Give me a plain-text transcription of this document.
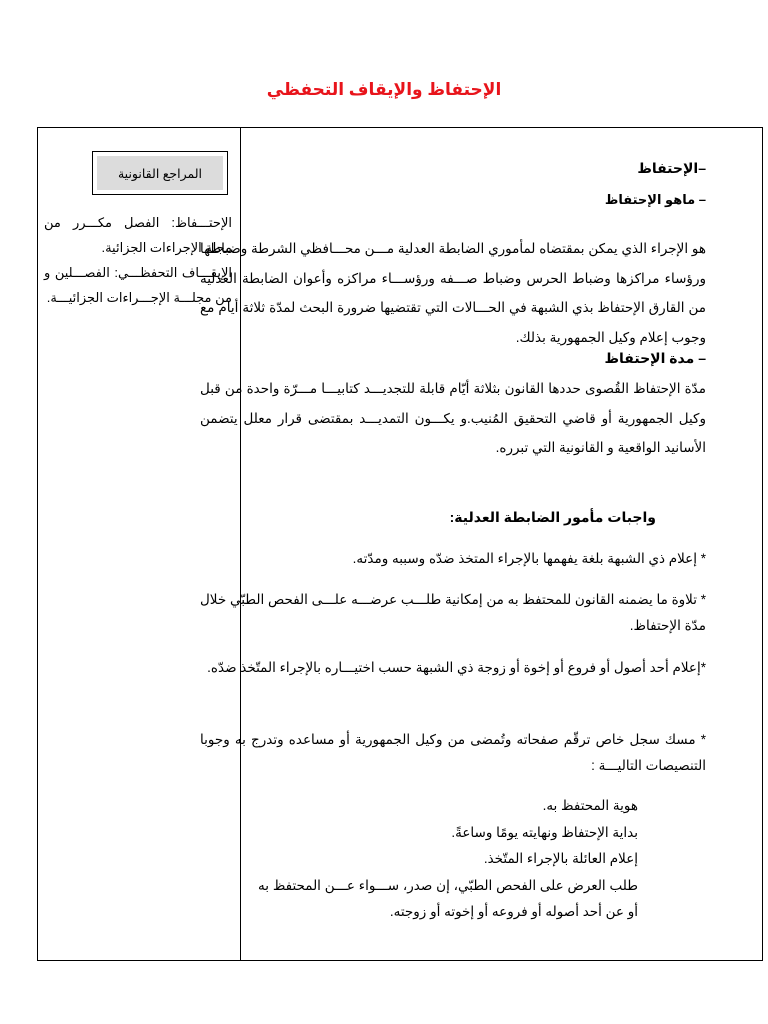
الإحتفاظ والإيقاف التحفظي
المراجع القانونية

الإحتـــفاظ: الفصل مكـــرر من مجلة الإجراءات الجزائية.

الإيقـــاف التحفظـــي: الفصـــلين و من مجلـــة الإجـــراءات الجزائيـــة.

–الإحتفاظ
– ماهو الإحتفاظ
هو الإجراء الذي يمكن بمقتضاه لمأموري الضابطة العدلية مـــن محـــافظي الشرطة وضباطها ورؤساء مراكزها وضباط الحرس وضباط صـــفه ورؤســـاء مراكزه وأعوان الضابطة العدلية من القارق الإحتفاظ بذي الشبهة في الحـــالات التي تقتضيها ضرورة البحث لمدّة ثلاثة أيام مع وجوب إعلام وكيل الجمهورية بذلك.
– مدة الإحتفاظ
مدّة الإحتفاظ القُصوى حددها القانون بثلاثة أيّام قابلة للتجديـــد كتابيـــا مـــرّة واحدة من قبل وكيل الجمهورية أو قاضي التحقيق المُنيب.و يكـــون التمديـــد بمقتضى قرار معلل يتضمن الأسانيد الواقعية و القانونية التي تبرره.
واجبات مأمور الضابطة العدلية:
* إعلام ذي الشبهة بلغة يفهمها بالإجراء المتخذ ضدّه وسببه ومدّته.
* تلاوة ما يضمنه القانون للمحتفظ به من إمكانية طلـــب عرضـــه علـــى الفحص الطبّي خلال مدّة الإحتفاظ.
*إعلام أحد أصول أو فروع أو إخوة أو زوجة ذي الشبهة حسب اختيـــاره بالإجراء المتّخذ ضدّه.
* مسك سجل خاص ترقّم صفحاته وتُمضى من وكيل الجمهورية أو مساعده وتدرج به وجوبا التنصيصات التاليـــة :

هوية المحتفظ به.

بداية الإحتفاظ ونهايته يومًا وساعةً.

إعلام العائلة بالإجراء المتّخذ.

طلب العرض على الفحص الطبّي، إن صدر، ســـواء عـــن المحتفظ به أو عن أحد أصوله أو فروعه أو إخوته أو زوجته.
